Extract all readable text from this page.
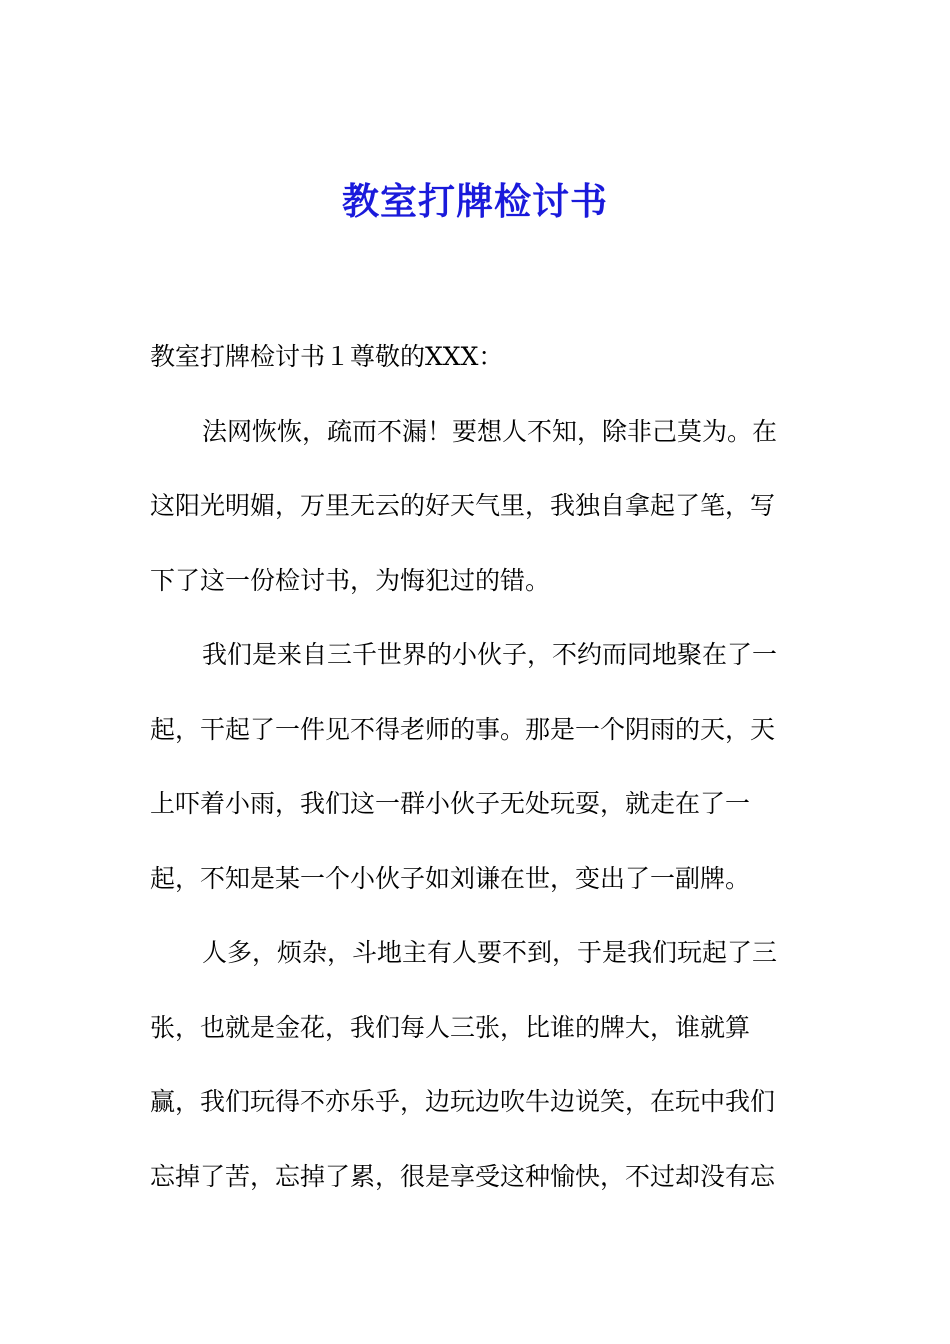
教室打牌检讨书

教室打牌检讨书１尊敬的XXX：

法网恢恢，疏而不漏！要想人不知，除非己莫为。在
这阳光明媚，万里无云的好天气里，我独自拿起了笔，写
下了这一份检讨书，为悔犯过的错。

我们是来自三千世界的小伙子，不约而同地聚在了一
起，干起了一件见不得老师的事。那是一个阴雨的天，天
上吓着小雨，我们这一群小伙子无处玩耍，就走在了一
起，不知是某一个小伙子如刘谦在世，变出了一副牌。

人多，烦杂，斗地主有人要不到，于是我们玩起了三
张，也就是金花，我们每人三张，比谁的牌大，谁就算
赢，我们玩得不亦乐乎，边玩边吹牛边说笑，在玩中我们
忘掉了苦，忘掉了累，很是享受这种愉快，不过却没有忘
